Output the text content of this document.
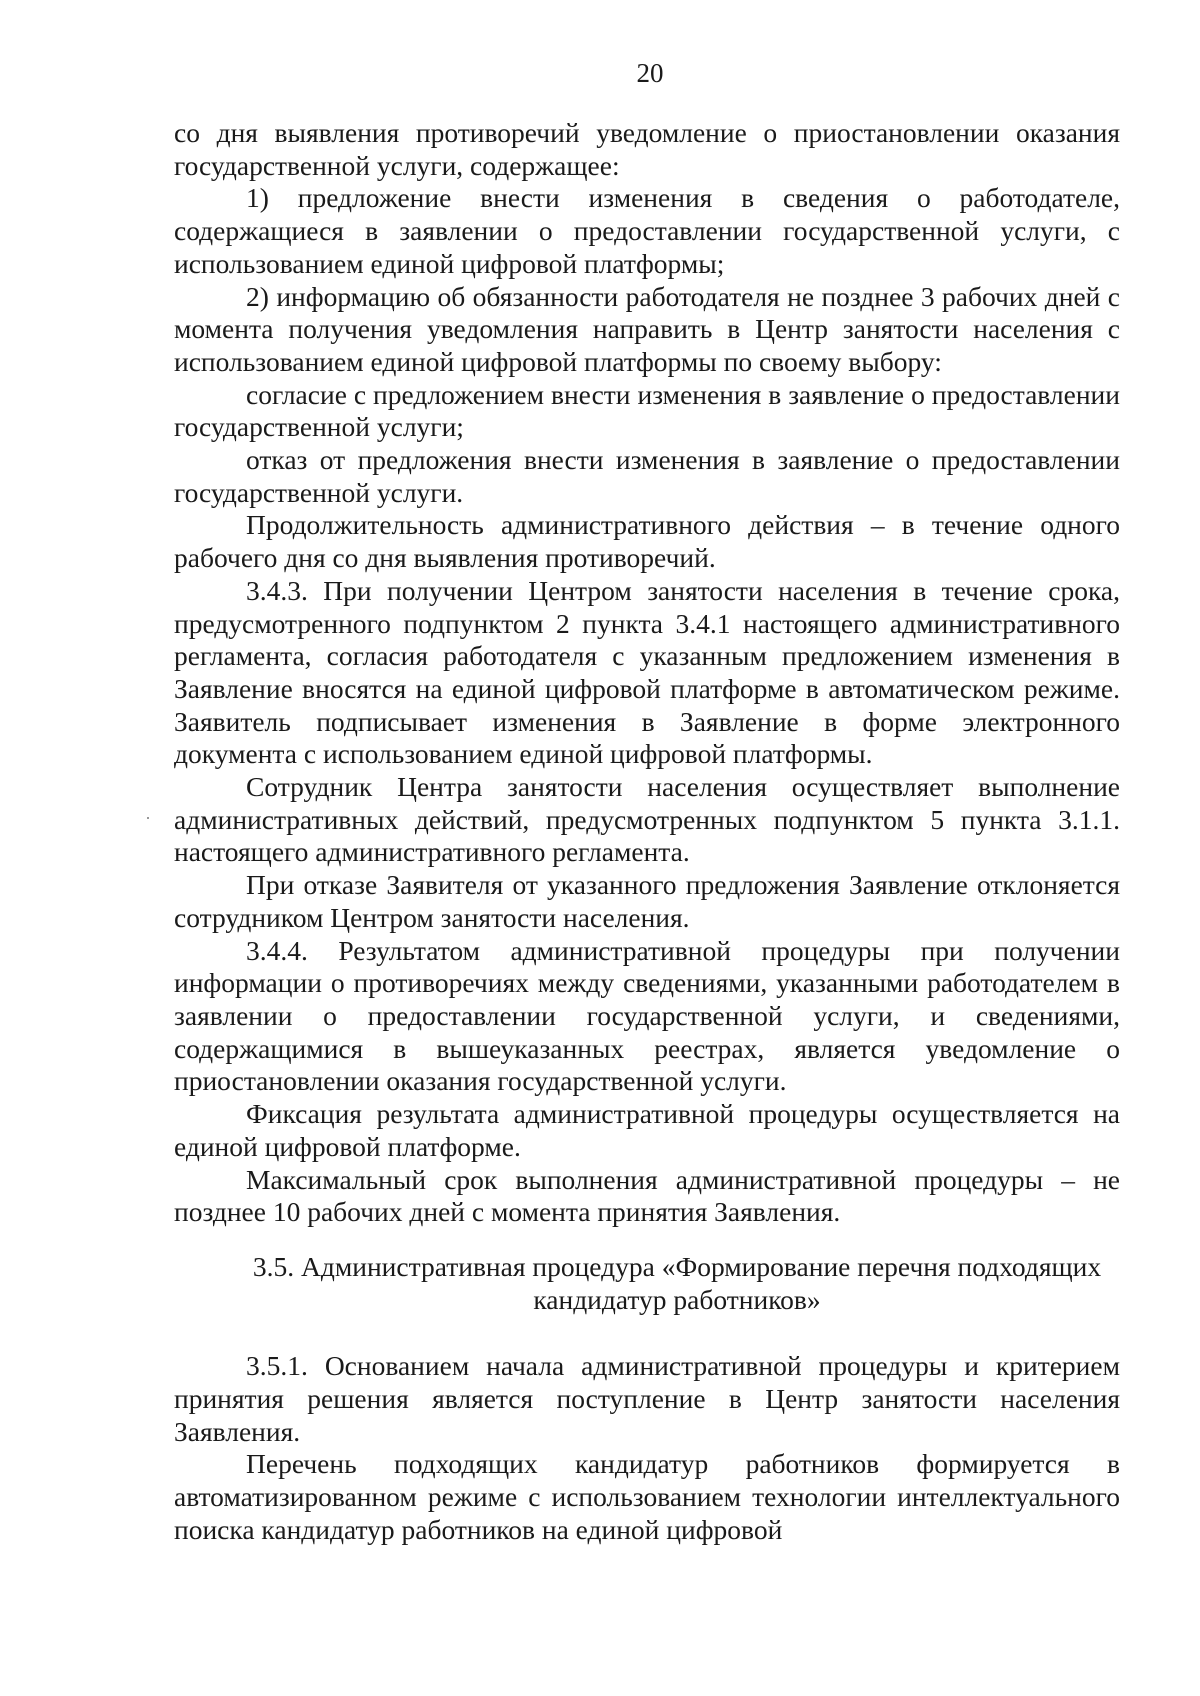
20

со дня выявления противоречий уведомление о приостановлении оказания государственной услуги, содержащее:

1) предложение внести изменения в сведения о работодателе, содержащиеся в заявлении о предоставлении государственной услуги, с использованием единой цифровой платформы;

2) информацию об обязанности работодателя не позднее 3 рабочих дней с момента получения уведомления направить в Центр занятости населения с использованием единой цифровой платформы по своему выбору:

согласие с предложением внести изменения в заявление о предоставлении государственной услуги;

отказ от предложения внести изменения в заявление о предоставлении государственной услуги.

Продолжительность административного действия – в течение одного рабочего дня со дня выявления противоречий.

3.4.3. При получении Центром занятости населения в течение срока, предусмотренного подпунктом 2 пункта 3.4.1 настоящего административного регламента, согласия работодателя с указанным предложением изменения в Заявление вносятся на единой цифровой платформе в автоматическом режиме. Заявитель подписывает изменения в Заявление в форме электронного документа с использованием единой цифровой платформы.

Сотрудник Центра занятости населения осуществляет выполнение административных действий, предусмотренных подпунктом 5 пункта 3.1.1. настоящего административного регламента.

При отказе Заявителя от указанного предложения Заявление отклоняется сотрудником Центром занятости населения.

3.4.4. Результатом административной процедуры при получении информации о противоречиях между сведениями, указанными работодателем в заявлении о предоставлении государственной услуги, и сведениями, содержащимися в вышеуказанных реестрах, является уведомление о приостановлении оказания государственной услуги.

Фиксация результата административной процедуры осуществляется на единой цифровой платформе.

Максимальный срок выполнения административной процедуры – не позднее 10 рабочих дней с момента принятия Заявления.

3.5. Административная процедура «Формирование перечня подходящих
кандидатур работников»

3.5.1. Основанием начала административной процедуры и критерием принятия решения является поступление в Центр занятости населения Заявления.

Перечень подходящих кандидатур работников формируется в автоматизированном режиме с использованием технологии интеллектуального поиска кандидатур работников на единой цифровой
